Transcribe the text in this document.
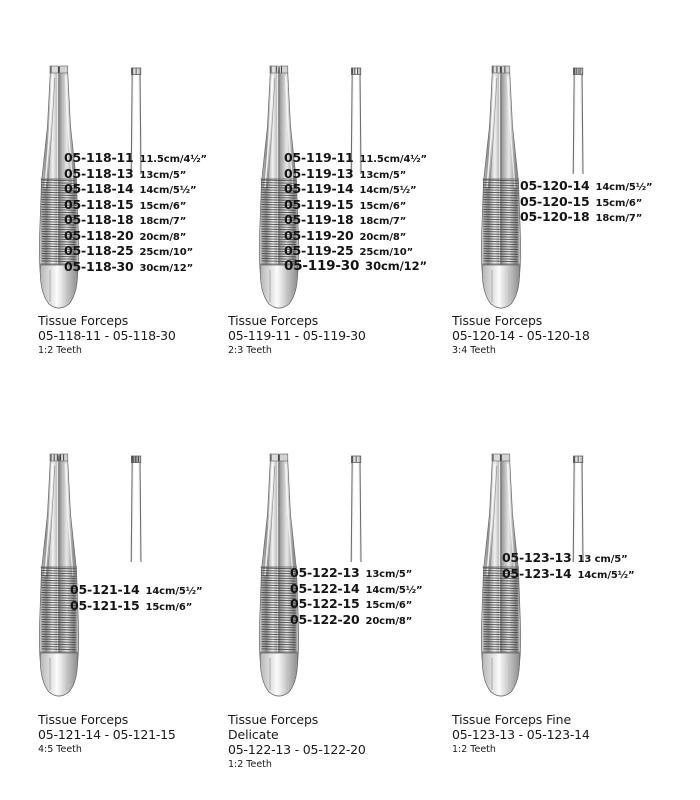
05-118-11 11.5cm/4½”
05-118-13 13cm/5”
05-118-14 14cm/5½”
05-118-15 15cm/6”
05-118-18 18cm/7”
05-118-20 20cm/8”
05-118-25 25cm/10”
05-118-30 30cm/12”
Tissue Forceps
05-118-11 - 05-118-30
1:2 Teeth
05-119-11 11.5cm/4½”
05-119-13 13cm/5”
05-119-14 14cm/5½”
05-119-15 15cm/6”
05-119-18 18cm/7”
05-119-20 20cm/8”
05-119-25 25cm/10”
05-119-30 30cm/12”
Tissue Forceps
05-119-11 - 05-119-30
2:3 Teeth
05-120-14 14cm/5½”
05-120-15 15cm/6”
05-120-18 18cm/7”
Tissue Forceps
05-120-14 - 05-120-18
3:4 Teeth
05-121-14 14cm/5½”
05-121-15 15cm/6”
Tissue Forceps
05-121-14 - 05-121-15
4:5 Teeth
05-122-13 13cm/5”
05-122-14 14cm/5½”
05-122-15 15cm/6”
05-122-20 20cm/8”
Tissue Forceps
Delicate
05-122-13 - 05-122-20
1:2 Teeth
05-123-13 13 cm/5”
05-123-14 14cm/5½”
Tissue Forceps Fine
05-123-13 - 05-123-14
1:2 Teeth
